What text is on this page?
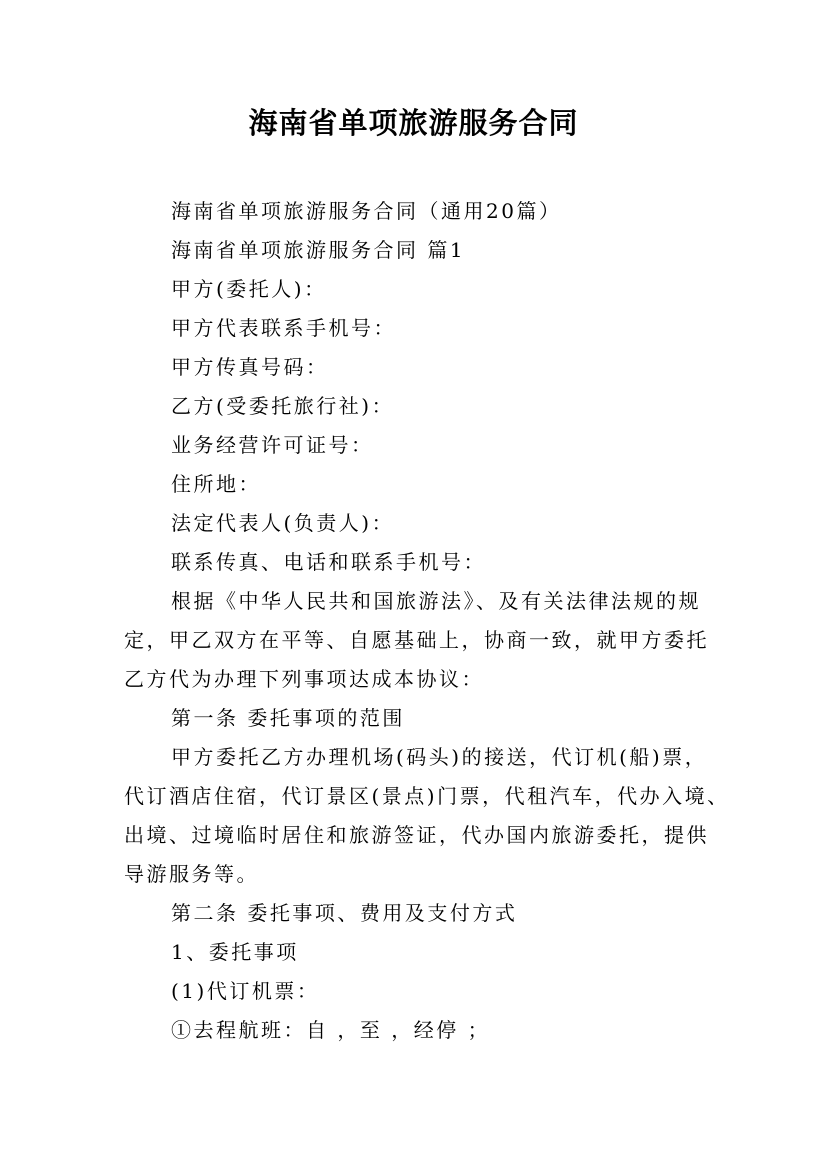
海南省单项旅游服务合同
海南省单项旅游服务合同（通用20篇）
海南省单项旅游服务合同 篇1
甲方(委托人)：
甲方代表联系手机号：
甲方传真号码：
乙方(受委托旅行社)：
业务经营许可证号：
住所地：
法定代表人(负责人)：
联系传真、电话和联系手机号：
根据《中华人民共和国旅游法》、及有关法律法规的规
定，甲乙双方在平等、自愿基础上，协商一致，就甲方委托
乙方代为办理下列事项达成本协议：
第一条 委托事项的范围
甲方委托乙方办理机场(码头)的接送，代订机(船)票，
代订酒店住宿，代订景区(景点)门票，代租汽车，代办入境、
出境、过境临时居住和旅游签证，代办国内旅游委托，提供
导游服务等。
第二条 委托事项、费用及支付方式
1、委托事项
(1)代订机票：
①去程航班：自 ，至 ，经停 ；
